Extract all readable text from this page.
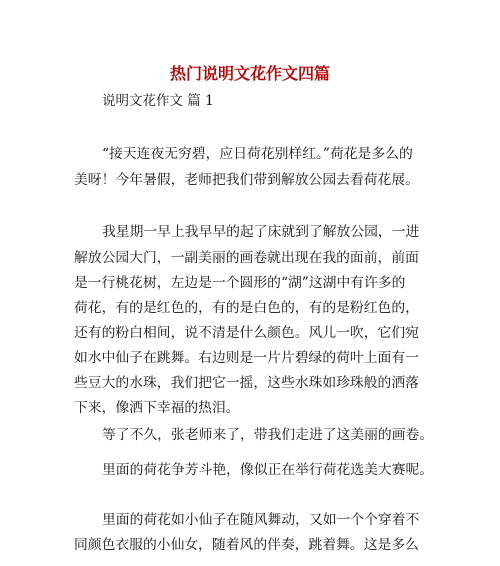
热门说明文花作文四篇
说明文花作文 篇 1
“接天连夜无穷碧，应日荷花别样红。”荷花是多么的
美呀！今年暑假，老师把我们带到解放公园去看荷花展。
我星期一早上我早早的起了床就到了解放公园，一进
解放公园大门，一副美丽的画卷就出现在我的面前，前面
是一行桃花树，左边是一个圆形的“湖”这湖中有许多的
荷花，有的是红色的，有的是白色的，有的是粉红色的，
还有的粉白相间，说不清是什么颜色。风儿一吹，它们宛
如水中仙子在跳舞。右边则是一片片碧绿的荷叶上面有一
些豆大的水珠，我们把它一摇，这些水珠如珍珠般的洒落
下来，像洒下幸福的热泪。
等了不久，张老师来了，带我们走进了这美丽的画卷。
里面的荷花争芳斗艳，像似正在举行荷花选美大赛呢。
里面的荷花如小仙子在随风舞动，又如一个个穿着不
同颜色衣服的小仙女，随着风的伴奏，跳着舞。这是多么
